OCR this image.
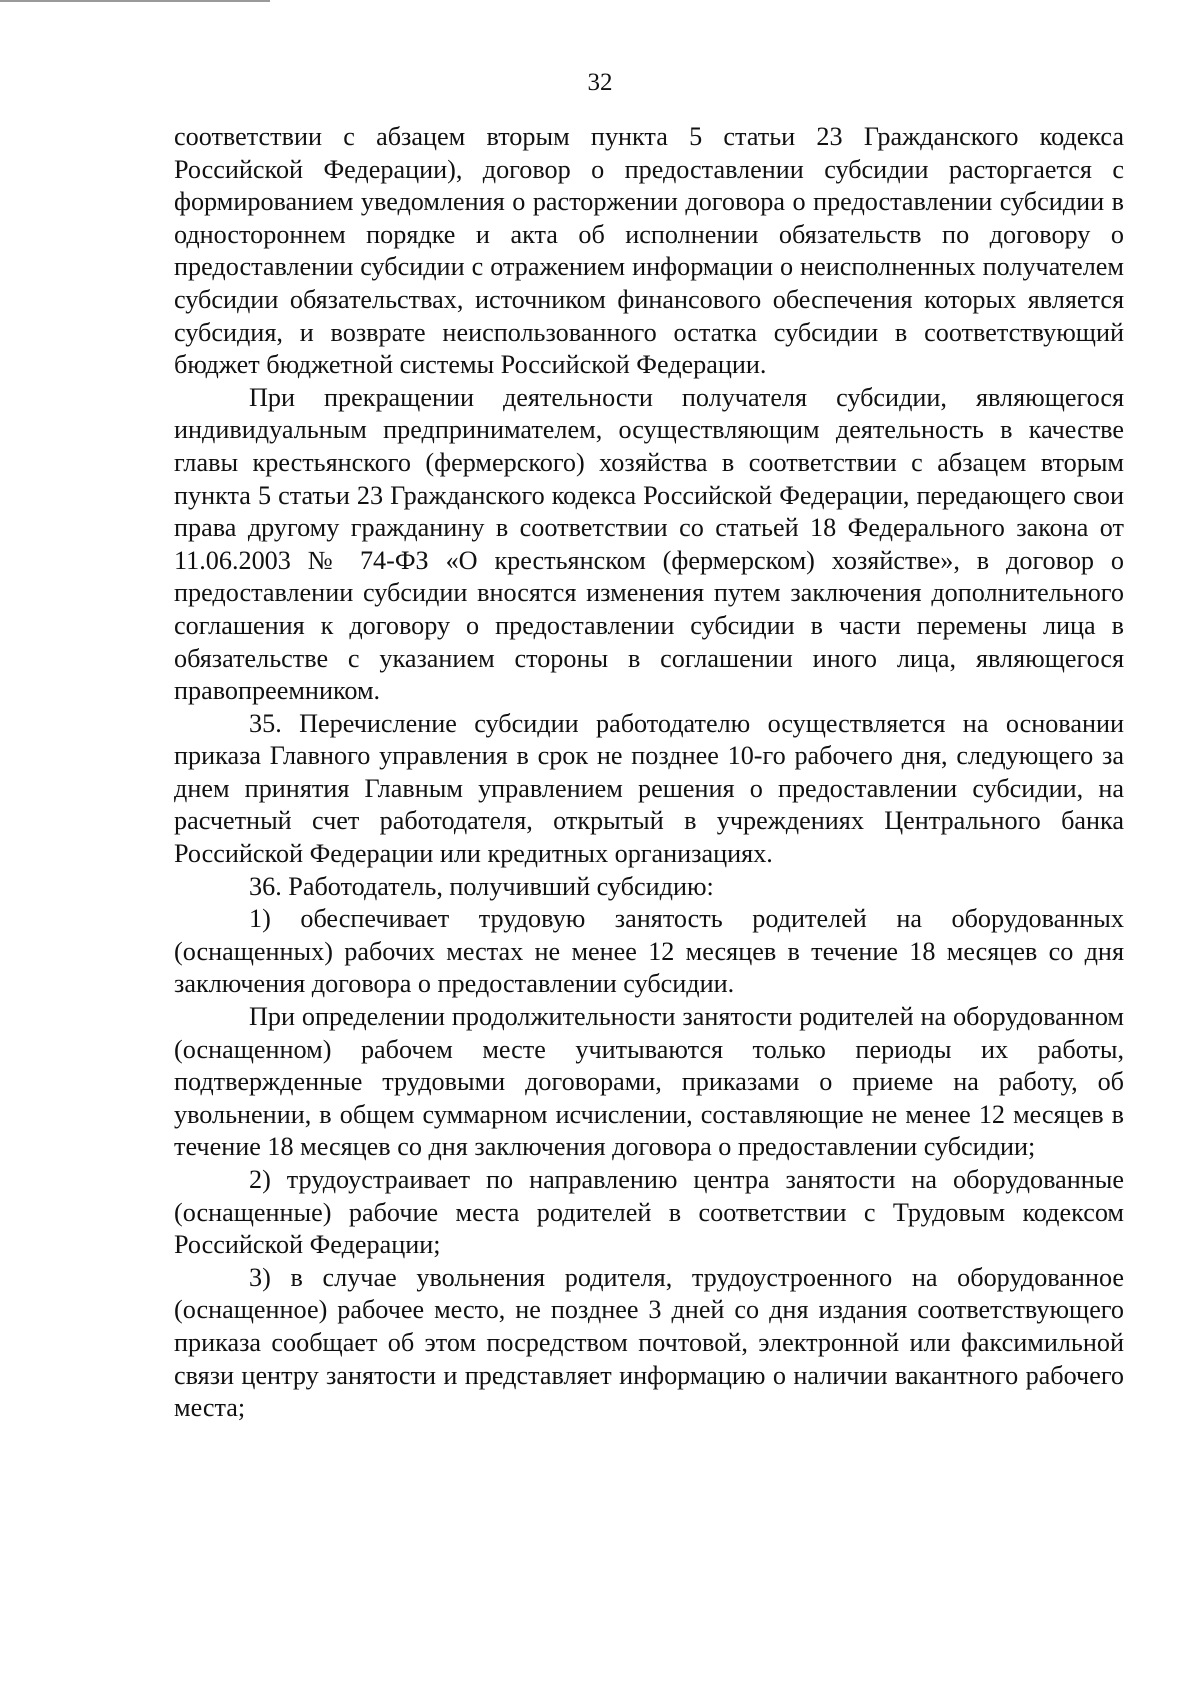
32

соответствии с абзацем вторым пункта 5 статьи 23 Гражданского кодекса Российской Федерации), договор о предоставлении субсидии расторгается с формированием уведомления о расторжении договора о предоставлении субсидии в одностороннем порядке и акта об исполнении обязательств по договору о предоставлении субсидии с отражением информации о неисполненных получателем субсидии обязательствах, источником финансового обеспечения которых является субсидия, и возврате неиспользованного остатка субсидии в соответствующий бюджет бюджетной системы Российской Федерации.

При прекращении деятельности получателя субсидии, являющегося индивидуальным предпринимателем, осуществляющим деятельность в качестве главы крестьянского (фермерского) хозяйства в соответствии с абзацем вторым пункта 5 статьи 23 Гражданского кодекса Российской Федерации, передающего свои права другому гражданину в соответствии со статьей 18 Федерального закона от 11.06.2003 № 74-ФЗ «О крестьянском (фермерском) хозяйстве», в договор о предоставлении субсидии вносятся изменения путем заключения дополнительного соглашения к договору о предоставлении субсидии в части перемены лица в обязательстве с указанием стороны в соглашении иного лица, являющегося правопреемником.

35. Перечисление субсидии работодателю осуществляется на основании приказа Главного управления в срок не позднее 10-го рабочего дня, следующего за днем принятия Главным управлением решения о предоставлении субсидии, на расчетный счет работодателя, открытый в учреждениях Центрального банка Российской Федерации или кредитных организациях.

36. Работодатель, получивший субсидию:

1) обеспечивает трудовую занятость родителей на оборудованных (оснащенных) рабочих местах не менее 12 месяцев в течение 18 месяцев со дня заключения договора о предоставлении субсидии.

При определении продолжительности занятости родителей на оборудованном (оснащенном) рабочем месте учитываются только периоды их работы, подтвержденные трудовыми договорами, приказами о приеме на работу, об увольнении, в общем суммарном исчислении, составляющие не менее 12 месяцев в течение 18 месяцев со дня заключения договора о предоставлении субсидии;

2) трудоустраивает по направлению центра занятости на оборудованные (оснащенные) рабочие места родителей в соответствии с Трудовым кодексом Российской Федерации;

3) в случае увольнения родителя, трудоустроенного на оборудованное (оснащенное) рабочее место, не позднее 3 дней со дня издания соответствующего приказа сообщает об этом посредством почтовой, электронной или факсимильной связи центру занятости и представляет информацию о наличии вакантного рабочего места;
